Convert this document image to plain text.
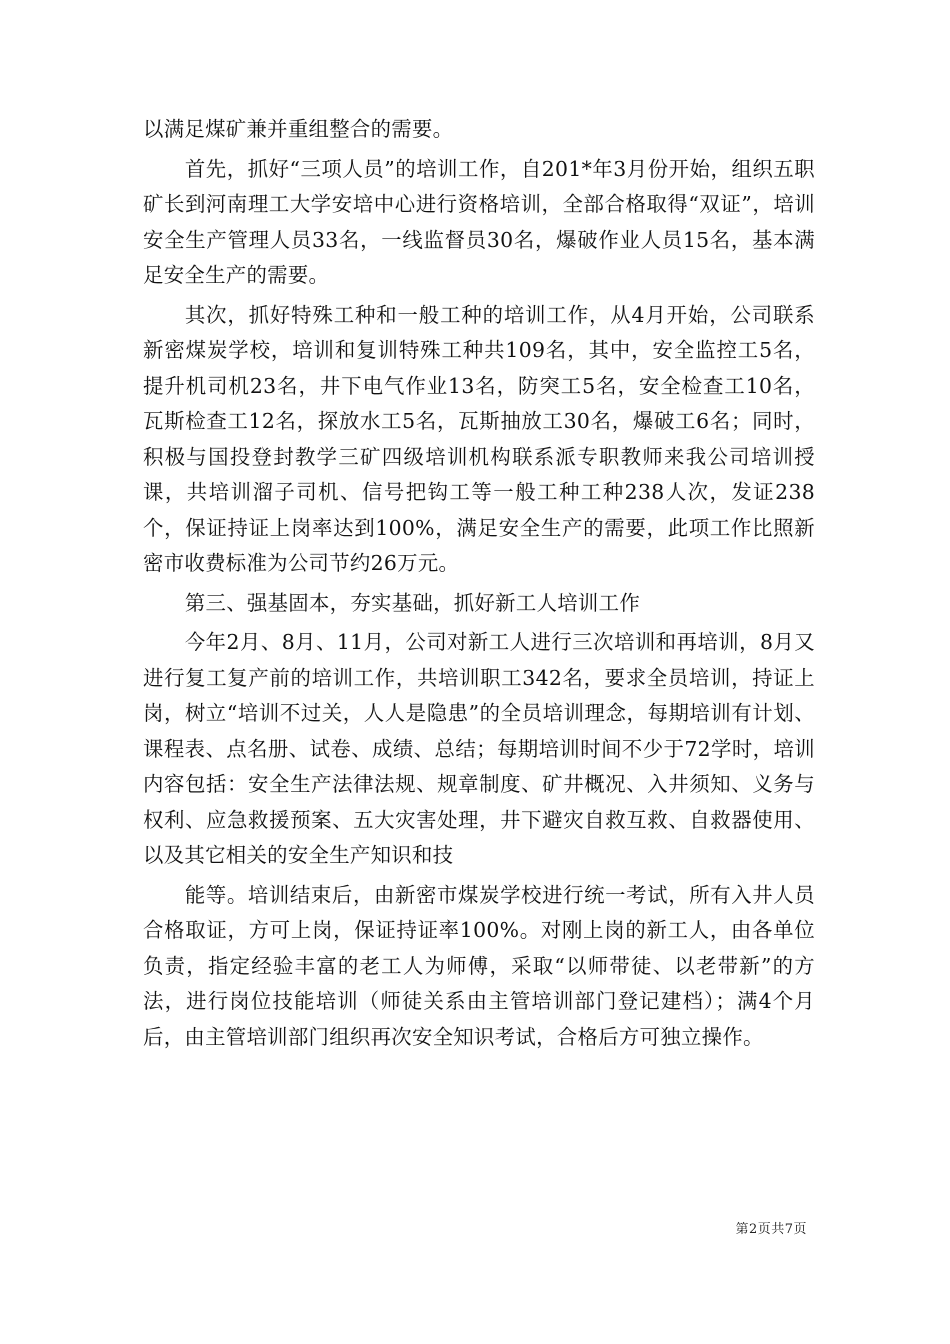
以满足煤矿兼并重组整合的需要。

首先，抓好“三项人员”的培训工作，自201*年3月份开始，组织五职矿长到河南理工大学安培中心进行资格培训，全部合格取得“双证”，培训安全生产管理人员33名，一线监督员30名，爆破作业人员15名，基本满足安全生产的需要。

其次，抓好特殊工种和一般工种的培训工作，从4月开始，公司联系新密煤炭学校，培训和复训特殊工种共109名，其中，安全监控工5名，提升机司机23名，井下电气作业13名，防突工5名，安全检查工10名，瓦斯检查工12名，探放水工5名，瓦斯抽放工30名，爆破工6名；同时，积极与国投登封教学三矿四级培训机构联系派专职教师来我公司培训授课，共培训溜子司机、信号把钩工等一般工种工种238人次，发证238个，保证持证上岗率达到100%，满足安全生产的需要，此项工作比照新密市收费标准为公司节约26万元。

第三、强基固本，夯实基础，抓好新工人培训工作

今年2月、8月、11月，公司对新工人进行三次培训和再培训，8月又进行复工复产前的培训工作，共培训职工342名，要求全员培训，持证上岗，树立“培训不过关，人人是隐患”的全员培训理念，每期培训有计划、课程表、点名册、试卷、成绩、总结；每期培训时间不少于72学时，培训内容包括：安全生产法律法规、规章制度、矿井概况、入井须知、义务与权利、应急救援预案、五大灾害处理，井下避灾自救互救、自救器使用、以及其它相关的安全生产知识和技

能等。培训结束后，由新密市煤炭学校进行统一考试，所有入井人员合格取证，方可上岗，保证持证率100%。对刚上岗的新工人，由各单位负责，指定经验丰富的老工人为师傅，采取“以师带徒、以老带新”的方法，进行岗位技能培训（师徒关系由主管培训部门登记建档）；满4个月后，由主管培训部门组织再次安全知识考试，合格后方可独立操作。

第2页共7页
